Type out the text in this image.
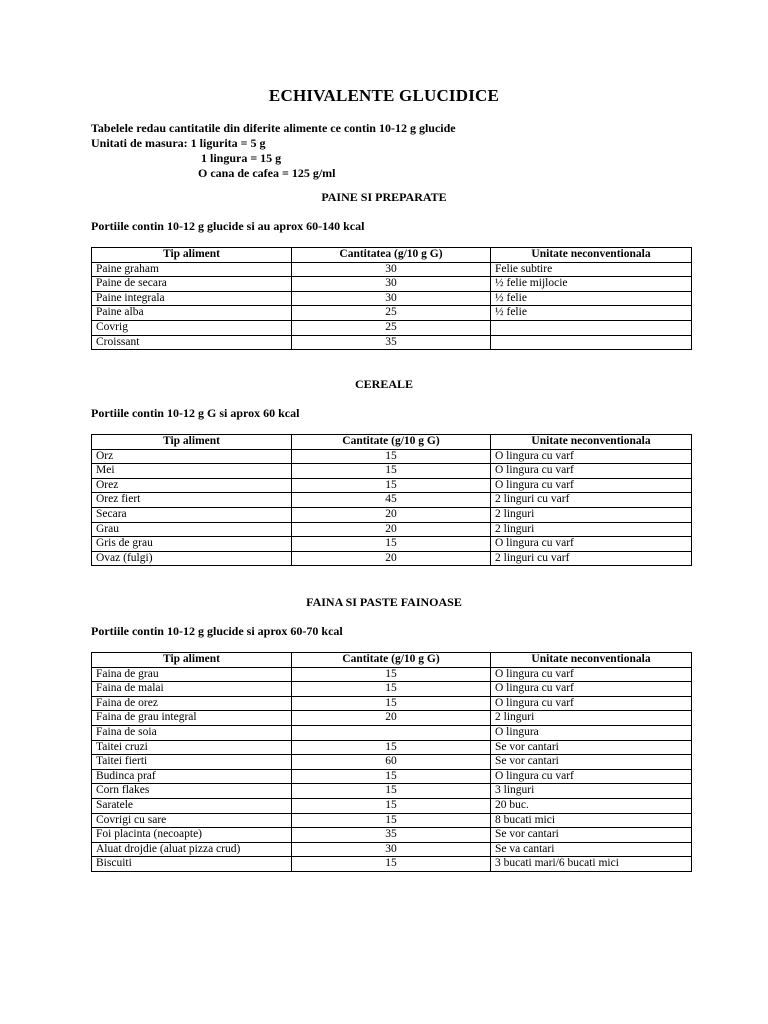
ECHIVALENTE GLUCIDICE
Tabelele redau cantitatile din diferite alimente ce contin 10-12 g glucide
Unitati de masura: 1 ligurita = 5 g
1 lingura = 15 g
O cana de cafea = 125 g/ml
PAINE SI PREPARATE
Portiile contin 10-12 g glucide si au aprox 60-140 kcal
Tip aliment	Cantitatea (g/10 g G)	Unitate neconventionala
Paine graham	30	Felie subtire
Paine de secara	30	½ felie mijlocie
Paine integrala	30	½ felie
Paine alba	25	½ felie
Covrig	25	
Croissant	35	
CEREALE
Portiile contin 10-12 g G si aprox 60 kcal
Tip aliment	Cantitate (g/10 g G)	Unitate neconventionala
Orz	15	O lingura cu varf
Mei	15	O lingura cu varf
Orez	15	O lingura cu varf
Orez fiert	45	2 linguri cu varf
Secara	20	2 linguri
Grau	20	2 linguri
Gris de grau	15	O lingura cu varf
Ovaz (fulgi)	20	2 linguri cu varf
FAINA SI PASTE FAINOASE
Portiile contin 10-12 g glucide si aprox 60-70 kcal
Tip aliment	Cantitate (g/10 g G)	Unitate neconventionala
Faina de grau	15	O lingura cu varf
Faina de malai	15	O lingura cu varf
Faina de orez	15	O lingura cu varf
Faina de grau integral	20	2 linguri
Faina de soia		O lingura
Taitei cruzi	15	Se vor cantari
Taitei fierti	60	Se vor cantari
Budinca praf	15	O lingura cu varf
Corn flakes	15	3 linguri
Saratele	15	20 buc.
Covrigi cu sare	15	8 bucati mici
Foi placinta (necoapte)	35	Se vor cantari
Aluat drojdie (aluat pizza crud)	30	Se va cantari
Biscuiti	15	3 bucati mari/6 bucati mici
